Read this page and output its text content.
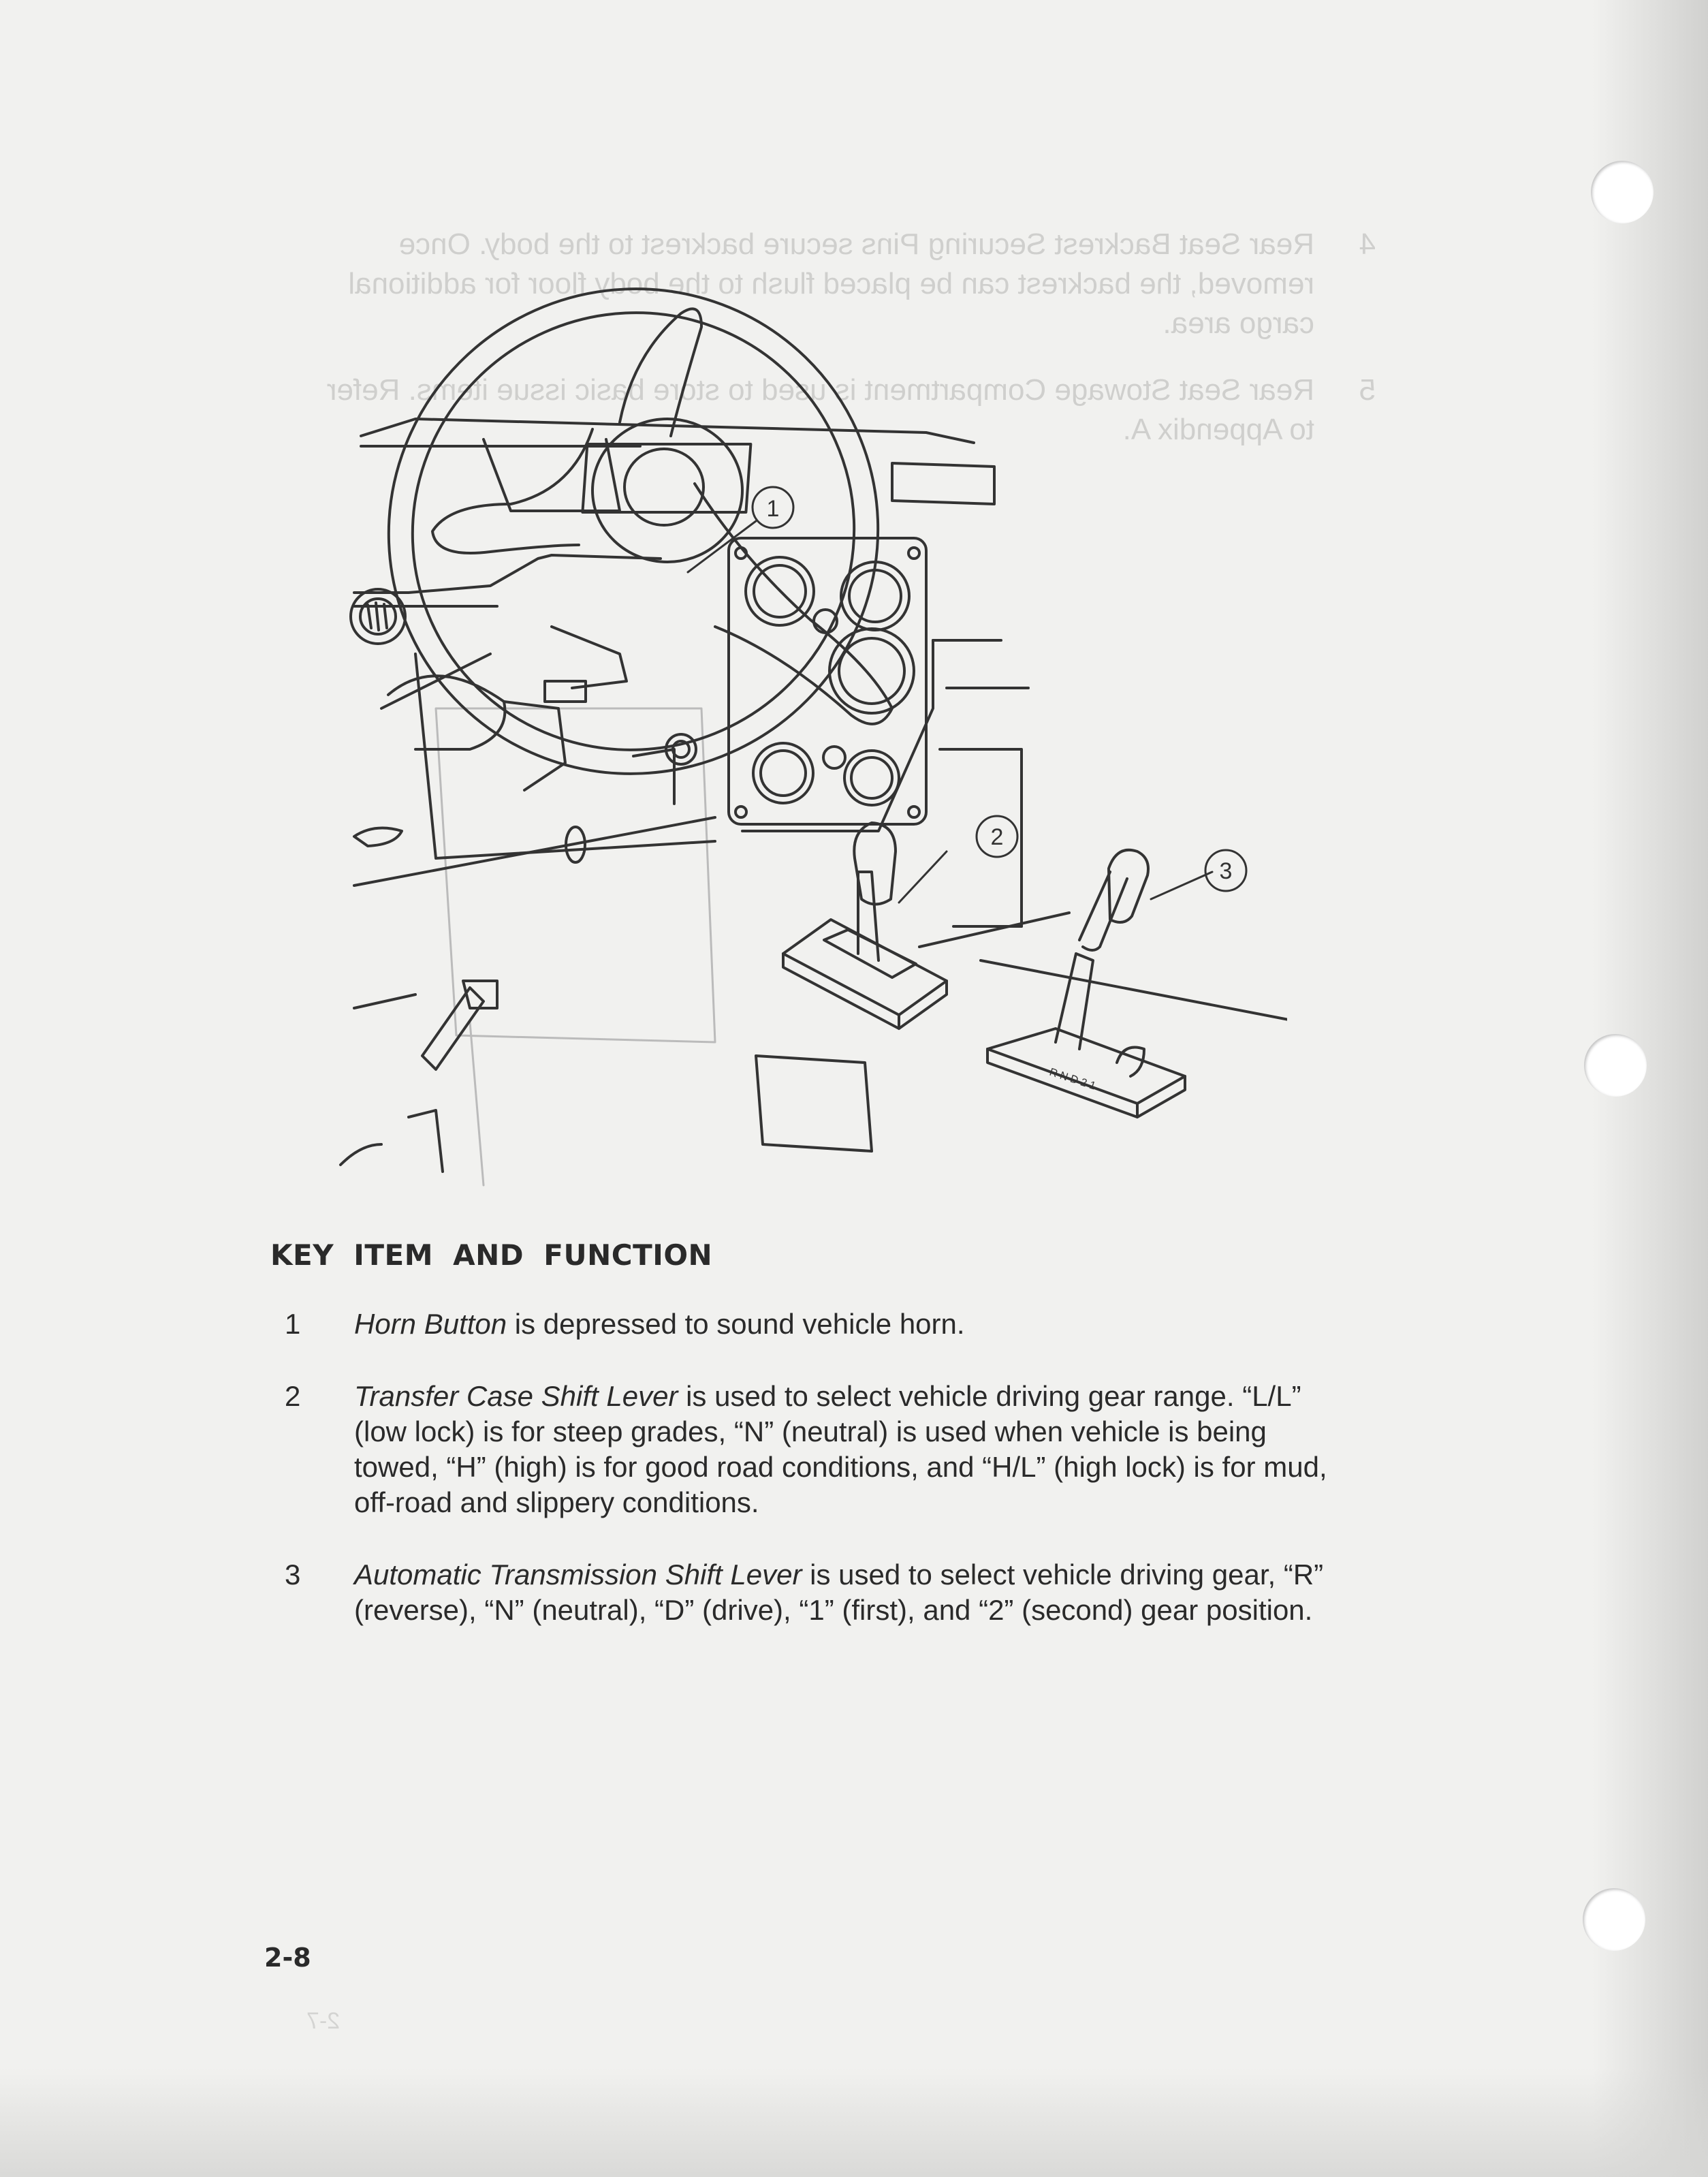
4
Rear Seat Backrest Securing Pins secure backrest to the body. Once removed, the backrest can be placed flush to the body floor for additional cargo area.
5
Rear Seat Stowage Compartment is used to store basic issue items. Refer to Appendix A.
1
2
3
R N D 2 1
KEY ITEM AND FUNCTION
1	Horn Button is depressed to sound vehicle horn.
2	Transfer Case Shift Lever is used to select vehicle driving gear range. “L/L” (low lock) is for steep grades, “N” (neutral) is used when vehicle is being towed, “H” (high) is for good road conditions, and “H/L” (high lock) is for mud, off-road and slippery conditions.
3	Automatic Transmission Shift Lever is used to select vehicle driving gear, “R” (reverse), “N” (neutral), “D” (drive), “1” (first), and “2” (second) gear position.
2-8
2-7
